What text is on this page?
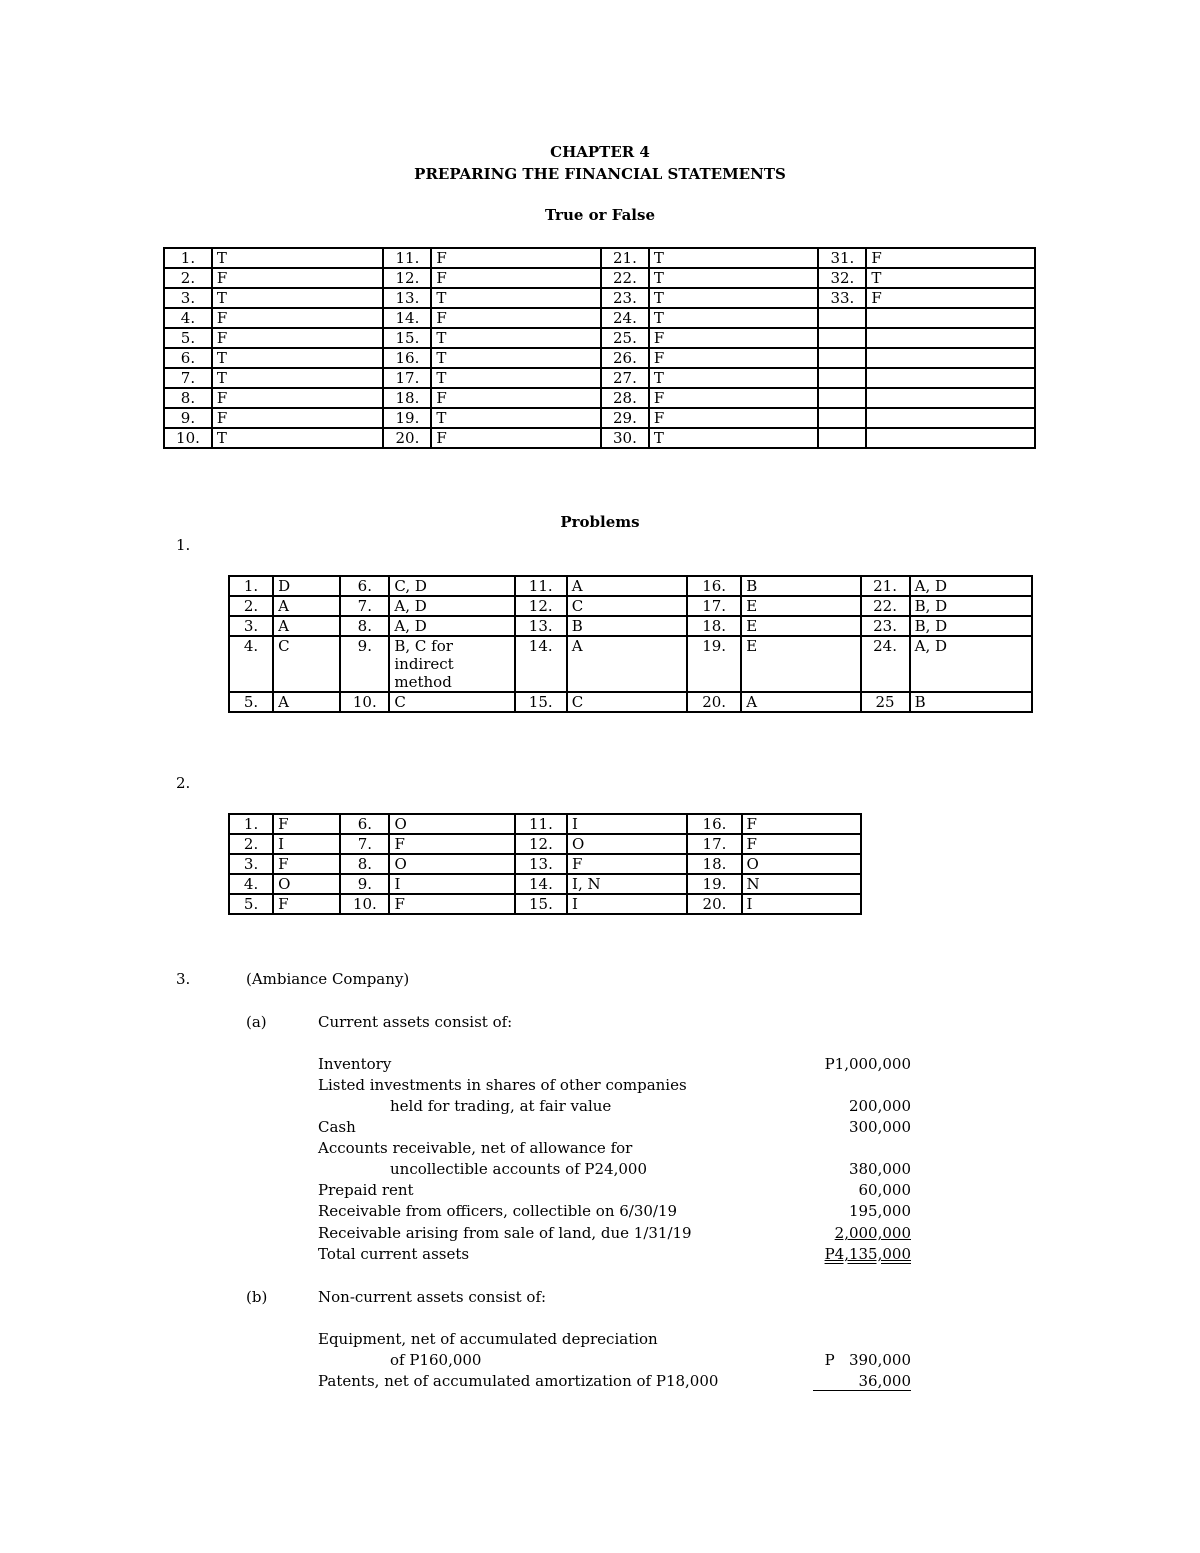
CHAPTER 4
PREPARING THE FINANCIAL STATEMENTS
True or False
1.	T	11.	F	21.	T	31.	F
2.	F	12.	F	22.	T	32.	T
3.	T	13.	T	23.	T	33.	F
4.	F	14.	F	24.	T		
5.	F	15.	T	25.	F		
6.	T	16.	T	26.	F		
7.	T	17.	T	27.	T		
8.	F	18.	F	28.	F		
9.	F	19.	T	29.	F		
10.	T	20.	F	30.	T		
Problems
1.
1.	D	6.	C, D	11.	A	16.	B	21.	A, D
2.	A	7.	A, D	12.	C	17.	E	22.	B, D
3.	A	8.	A, D	13.	B	18.	E	23.	B, D
4.	C	9.	B, C for indirect method	14.	A	19.	E	24.	A, D
5.	A	10.	C	15.	C	20.	A	25	B
2.
1.	F	6.	O	11.	I	16.	F
2.	I	7.	F	12.	O	17.	F
3.	F	8.	O	13.	F	18.	O
4.	O	9.	I	14.	I, N	19.	N
5.	F	10.	F	15.	I	20.	I
3.	(Ambiance Company)
(a)	Current assets consist of:
Inventory	P1,000,000
Listed investments in shares of other companies
held for trading, at fair value	200,000
Cash	300,000
Accounts receivable, net of allowance for
uncollectible accounts of P24,000	380,000
Prepaid rent	60,000
Receivable from officers, collectible on 6/30/19	195,000
Receivable arising from sale of land, due 1/31/19	2,000,000
Total current assets	P4,135,000
(b)	Non-current assets consist of:
Equipment, net of accumulated depreciation
of P160,000	P   390,000
Patents, net of accumulated amortization of P18,000	36,000
